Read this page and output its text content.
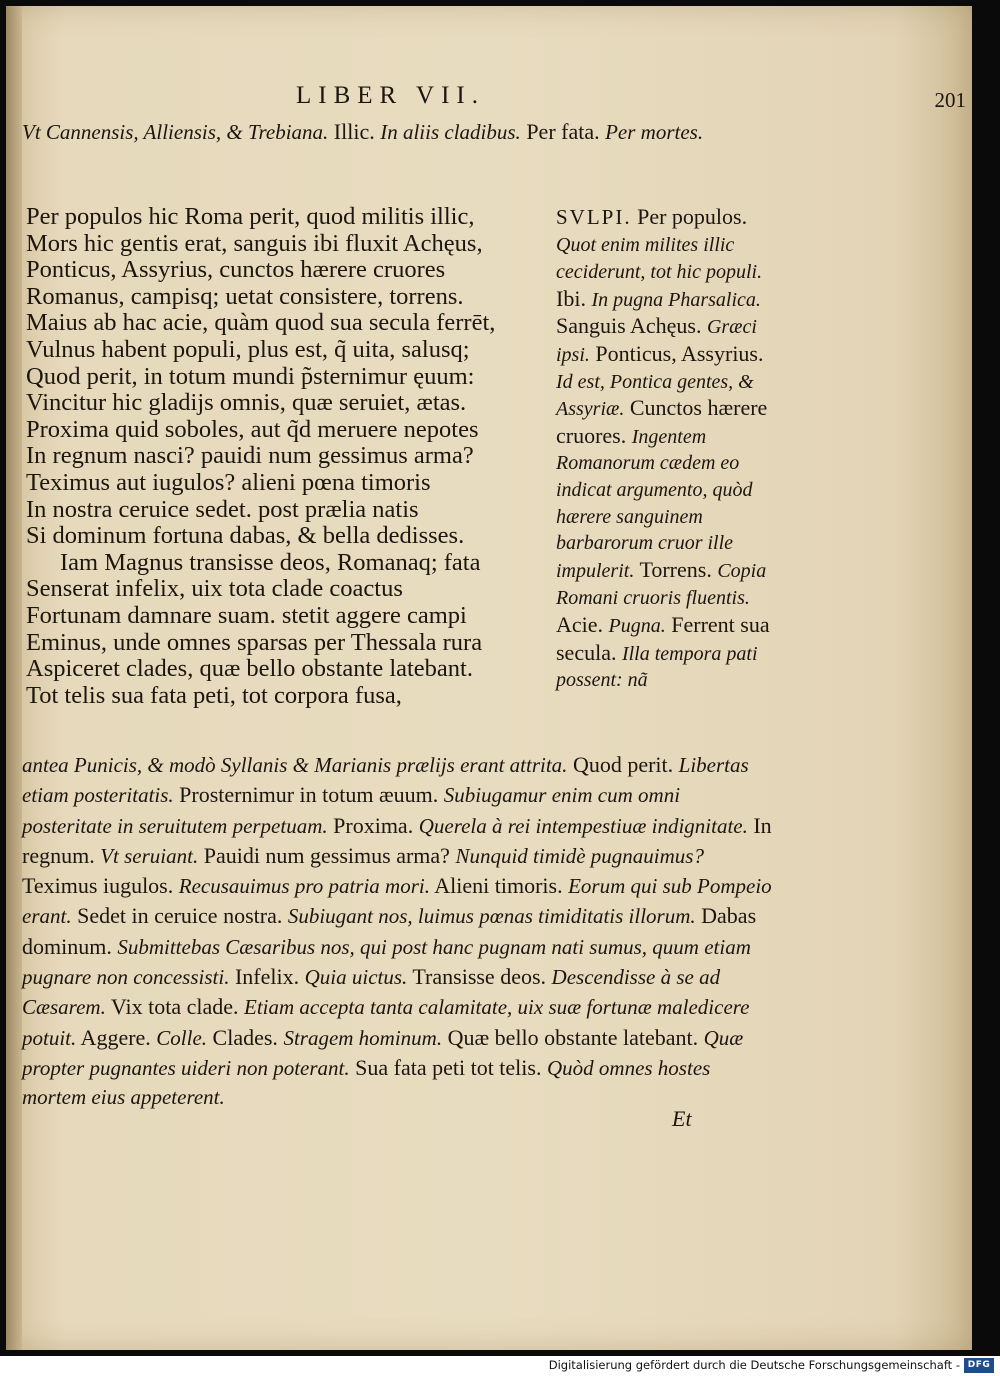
LIBER VII.	201
Vt Cannensis, Alliensis, & Trebiana. Illic. In aliis cladibus. Per fata. Per mortes.
Per populos hic Roma perit, quod militis illic,
Mors hic gentis erat, sanguis ibi fluxit Achęus,
Ponticus, Assyrius, cunctos hærere cruores
Romanus, campisq; uetat consistere, torrens.
Maius ab hac acie, quàm quod sua secula ferrēt,
Vulnus habent populi, plus est, q̃ uita, salusq;
Quod perit, in totum mundi p̃sternimur ęuum:
Vincitur hic gladijs omnis, quæ seruiet, ætas.
Proxima quid soboles, aut q̃d meruere nepotes
In regnum nasci? pauidi num gessimus arma?
Teximus aut iugulos? alieni pœna timoris
In nostra ceruice sedet. post prælia natis
Si dominum fortuna dabas, & bella dedisses.
Iam Magnus transisse deos, Romanaq; fata
Senserat infelix, uix tota clade coactus
Fortunam damnare suam. stetit aggere campi
Eminus, unde omnes sparsas per Thessala rura
Aspiceret clades, quæ bello obstante latebant.
Tot telis sua fata peti, tot corpora fusa,
SVLPI. Per populos. Quot enim milites illic ceciderunt, tot hic populi. Ibi. In pugna Pharsalica. Sanguis Achęus. Græci ipsi. Ponticus, Assyrius. Id est, Pontica gentes, & Assyriæ. Cunctos hærere cruores. Ingentem Romanorum cædem eo indicat argumento, quòd hærere sanguinem barbarorum cruor ille impulerit. Torrens. Copia Romani cruoris fluentis. Acie. Pugna. Ferrent sua secula. Illa tempora pati possent: nã
antea Punicis, & modò Syllanis & Marianis prælijs erant attrita. Quod perit. Libertas etiam posteritatis. Prosternimur in totum æuum. Subiugamur enim cum omni posteritate in seruitutem perpetuam. Proxima. Querela à rei intempestiuæ indignitate. In regnum. Vt seruiant. Pauidi num gessimus arma? Nunquid timidè pugnauimus? Teximus iugulos. Recusauimus pro patria mori. Alieni timoris. Eorum qui sub Pompeio erant. Sedet in ceruice nostra. Subiugant nos, luimus pœnas timiditatis illorum. Dabas dominum. Submittebas Cæsaribus nos, qui post hanc pugnam nati sumus, quum etiam pugnare non concessisti. Infelix. Quia uictus. Transisse deos. Descendisse à se ad Cæsarem. Vix tota clade. Etiam accepta tanta calamitate, uix suæ fortunæ maledicere potuit. Aggere. Colle. Clades. Stragem hominum. Quæ bello obstante latebant. Quæ propter pugnantes uideri non poterant. Sua fata peti tot telis. Quòd omnes hostes mortem eius appeterent.
Et
Digitalisierung gefördert durch die Deutsche Forschungsgemeinschaft - DFG
